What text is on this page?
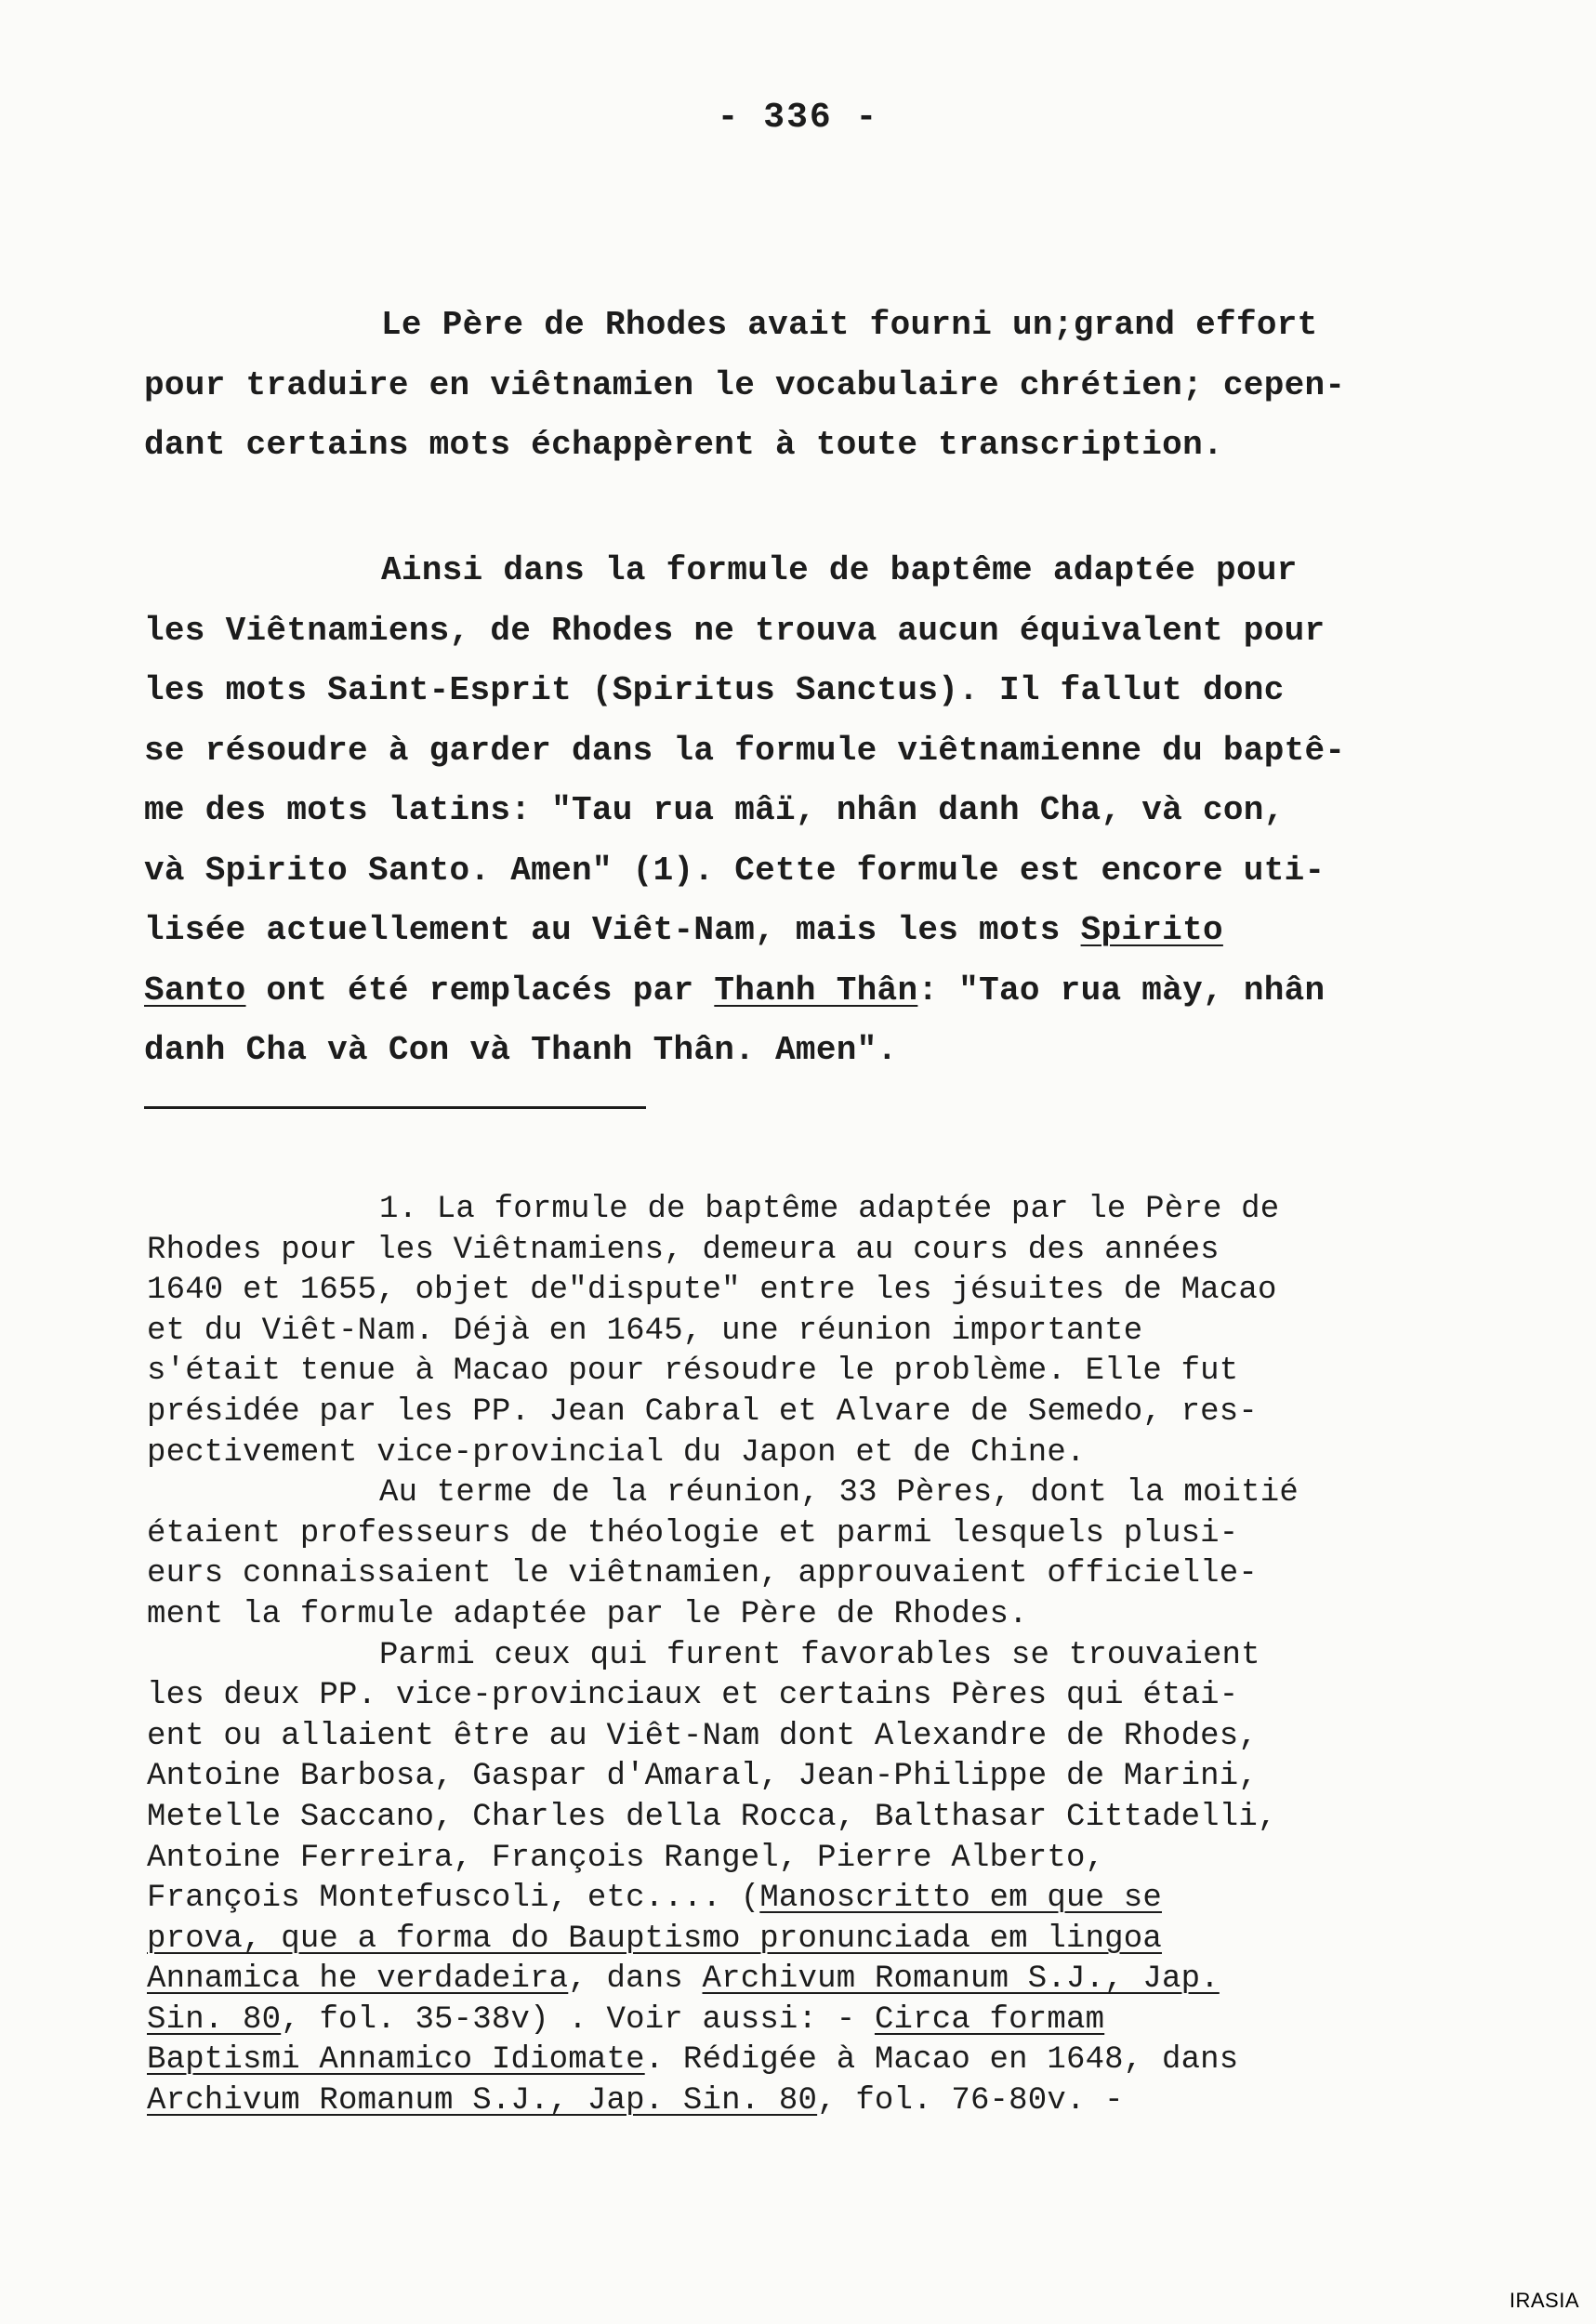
- 336 -
Le Père de Rhodes avait fourni un;grand effort
pour traduire en viêtnamien le vocabulaire chrétien; cepen-
dant certains mots échappèrent à toute transcription.
Ainsi dans la formule de baptême adaptée pour
les Viêtnamiens, de Rhodes ne trouva aucun équivalent pour
les mots Saint-Esprit (Spiritus Sanctus). Il fallut donc
se résoudre à garder dans la formule viêtnamienne du baptê-
me des mots latins: "Tau rua mâï, nhân danh Cha, và con,
và Spirito Santo. Amen" (1). Cette formule est encore uti-
lisée actuellement au Viêt-Nam, mais les mots Spirito
Santo ont été remplacés par Thanh Thân: "Tao rua mày, nhân
danh Cha và Con và Thanh Thân. Amen".
1. La formule de baptême adaptée par le Père de
Rhodes pour les Viêtnamiens, demeura au cours des années
1640 et 1655, objet de"dispute" entre les jésuites de Macao
et du Viêt-Nam. Déjà en 1645, une réunion importante
s'était tenue à Macao pour résoudre le problème. Elle fut
présidée par les PP. Jean Cabral et Alvare de Semedo, res-
pectivement vice-provincial du Japon et de Chine.
Au terme de la réunion, 33 Pères, dont la moitié
étaient professeurs de théologie et parmi lesquels plusi-
eurs connaissaient le viêtnamien, approuvaient officielle-
ment la formule adaptée par le Père de Rhodes.
Parmi ceux qui furent favorables se trouvaient
les deux PP. vice-provinciaux et certains Pères qui étai-
ent ou allaient être au Viêt-Nam dont Alexandre de Rhodes,
Antoine Barbosa, Gaspar d'Amaral, Jean-Philippe de Marini,
Metelle Saccano, Charles della Rocca, Balthasar Cittadelli,
Antoine Ferreira, François Rangel, Pierre Alberto,
François Montefuscoli, etc.... (Manoscritto em que se
prova, que a forma do Bauptismo pronunciada em lingoa
Annamica he verdadeira, dans Archivum Romanum S.J., Jap.
Sin. 80, fol. 35-38v) . Voir aussi: - Circa formam
Baptismi Annamico Idiomate. Rédigée à Macao en 1648, dans
Archivum Romanum S.J., Jap. Sin. 80, fol. 76-80v. -
IRASIA
